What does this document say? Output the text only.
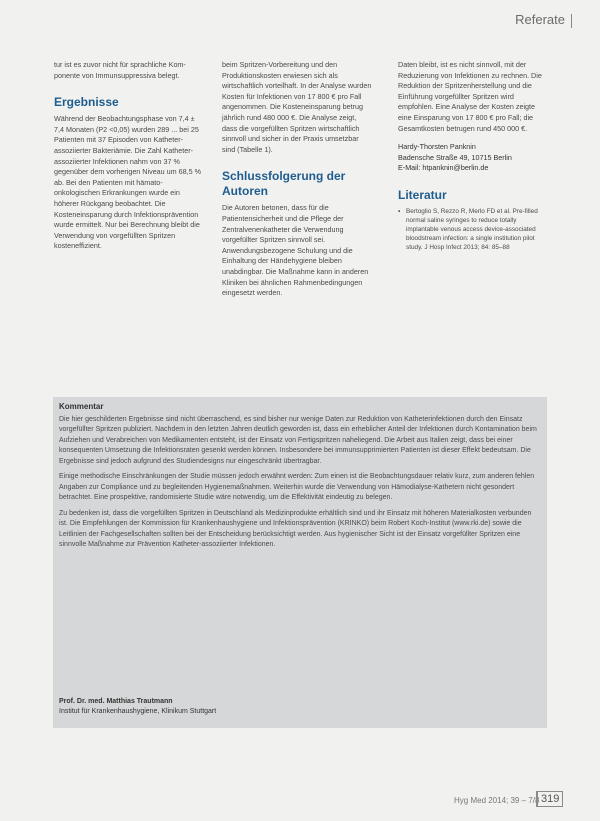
Referate

tur ist es zuvor nicht für sprachliche Kom-ponente von Immunsuppressiva belegt.

Ergebnisse

Während der Beobachtungsphase von 7,4 ± 7,4 Monaten (P2 <0,05) wurden 289 ... bei 25 Patienten mit 37 Episoden von Katheter-assoziierter Bakteriämie. Die Zahl Katheter-assoziierter Infektionen nahm von 37 % gegenüber dem vorherigen Niveau um 68,5 % ab. Bei den Patienten mit hämato-onkologischen Erkrankungen wurde ein höherer Rückgang beobachtet. Die Kosteneinsparung durch Infektionsprävention wurde ermittelt. Nur bei Berechnung bleibt die Verwendung von vorgefüllten Spritzen kosteneffizient.

beim Spritzen-Vorbereitung und den Produktionskosten erwiesen sich als wirtschaftlich vorteilhaft. In der Analyse wurden Kosten für Infektionen von 17 800 € pro Fall angenommen. Die Kosteneinsparung betrug jährlich rund 480 000 €. Die Analyse zeigt, dass die vorgefüllten Spritzen wirtschaftlich sinnvoll und sicher in der Praxis umsetzbar sind (Tabelle 1).

Schlussfolgerung der Autoren

Die Autoren betonen, dass für die Patientensicherheit und die Pflege der Zentralvenenkatheter die Verwendung vorgefüllter Spritzen sinnvoll sei. Anwendungsbezogene Schulung und die Einhaltung der Händehygiene bleiben unabdingbar. Die Maßnahme kann in anderen Kliniken bei ähnlichen Rahmenbedingungen eingesetzt werden.

Daten bleibt, ist es nicht sinnvoll, mit der Reduzierung von Infektionen zu rechnen. Die Reduktion der Spritzenherstellung und die Einführung vorgefüllter Spritzen wird empfohlen. Eine Analyse der Kosten zeigte eine Einsparung von 17 800 € pro Fall; die Gesamtkosten betrugen rund 450 000 €.

Hardy-Thorsten Panknin
Badensche Straße 49, 10715 Berlin
E-Mail: htpanknin@berlin.de
Literatur
▪ Bertoglio S, Rezzo R, Merlo FD et al. Pre-filled normal saline syringes to reduce totally implantable venous access device-associated bloodstream infection: a single institution pilot study. J Hosp Infect 2013; 84: 85–88
Kommentar

Die hier geschilderten Ergebnisse sind nicht überraschend, es sind bisher nur wenige Daten zur Reduktion von Katheterinfektionen durch den Einsatz vorgefüllter Spritzen publiziert. Nachdem in den letzten Jahren deutlich geworden ist, dass ein erheblicher Anteil der Infektionen durch Kontamination beim Aufziehen und Verabreichen von Medikamenten entsteht, ist der Einsatz von Fertigspritzen naheliegend. Die Arbeit aus Italien zeigt, dass bei einer konsequenten Umsetzung die Infektionsraten gesenkt werden können. Insbesondere bei immunsupprimierten Patienten ist dieser Effekt bedeutsam. Die Ergebnisse sind jedoch aufgrund des Studiendesigns nur eingeschränkt übertragbar.

Einige methodische Einschränkungen der Studie müssen jedoch erwähnt werden: Zum einen ist die Beobachtungsdauer relativ kurz, zum anderen fehlen Angaben zur Compliance und zu begleitenden Hygienemaßnahmen. Weiterhin wurde die Verwendung von Hämodialyse-Kathetern nicht gesondert betrachtet. Eine prospektive, randomisierte Studie wäre notwendig, um die Effektivität eindeutig zu belegen.

Zu bedenken ist, dass die vorgefüllten Spritzen in Deutschland als Medizinprodukte erhältlich sind und ihr Einsatz mit höheren Materialkosten verbunden ist. Die Empfehlungen der Kommission für Krankenhaushygiene und Infektionsprävention (KRINKO) beim Robert Koch-Institut (www.rki.de) sowie die Leitlinien der Fachgesellschaften sollten bei der Entscheidung berücksichtigt werden. Aus hygienischer Sicht ist der Einsatz vorgefüllter Spritzen eine sinnvolle Maßnahme zur Prävention Katheter-assoziierter Infektionen.

Prof. Dr. med. Matthias Trautmann
Institut für Krankenhaushygiene, Klinikum Stuttgart
Hyg Med 2014; 39 – 7/8 319
